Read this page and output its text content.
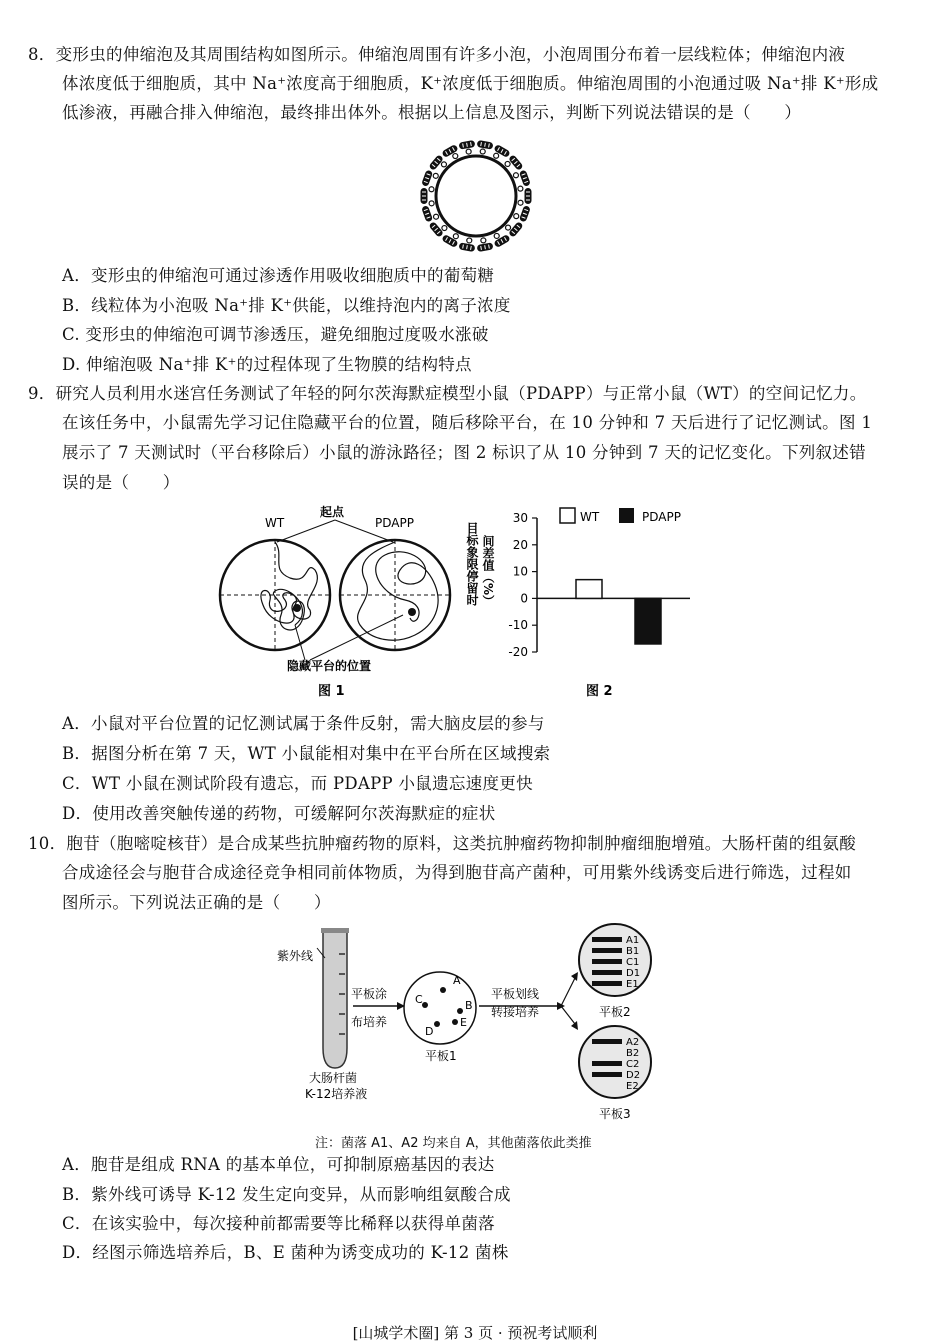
8．变形虫的伸缩泡及其周围结构如图所示。伸缩泡周围有许多小泡，小泡周围分布着一层线粒体；伸缩泡内液
体浓度低于细胞质，其中 Na⁺浓度高于细胞质，K⁺浓度低于细胞质。伸缩泡周围的小泡通过吸 Na⁺排 K⁺形成
低渗液，再融合排入伸缩泡，最终排出体外。根据以上信息及图示，判断下列说法错误的是（　　）
A．变形虫的伸缩泡可通过渗透作用吸收细胞质中的葡萄糖
B．线粒体为小泡吸 Na⁺排 K⁺供能，以维持泡内的离子浓度
C. 变形虫的伸缩泡可调节渗透压，避免细胞过度吸水涨破
D. 伸缩泡吸 Na⁺排 K⁺的过程体现了生物膜的结构特点
9．研究人员利用水迷宫任务测试了年轻的阿尔茨海默症模型小鼠（PDAPP）与正常小鼠（WT）的空间记忆力。
在该任务中，小鼠需先学习记住隐藏平台的位置，随后移除平台，在 10 分钟和 7 天后进行了记忆测试。图 1
展示了 7 天测试时（平台移除后）小鼠的游泳路径；图 2 标识了从 10 分钟到 7 天的记忆变化。下列叙述错
误的是（　　）
WT
起点
PDAPP
隐藏平台的位置
图 1
目标象限停留时 间差值（%）
30
20
10
0
-10
-20
WT	PDAPP
图 2
A．小鼠对平台位置的记忆测试属于条件反射，需大脑皮层的参与
B．据图分析在第 7 天，WT 小鼠能相对集中在平台所在区域搜索
C．WT 小鼠在测试阶段有遗忘，而 PDAPP 小鼠遗忘速度更快
D．使用改善突触传递的药物，可缓解阿尔茨海默症的症状
10．胞苷（胞嘧啶核苷）是合成某些抗肿瘤药物的原料，这类抗肿瘤药物抑制肿瘤细胞增殖。大肠杆菌的组氨酸
合成途径会与胞苷合成途径竞争相同前体物质，为得到胞苷高产菌种，可用紫外线诱变后进行筛选，过程如
图所示。下列说法正确的是（　　）
紫外线
大肠杆菌
K-12培养液
平板涂
布培养
A
B
C
D
E
平板1
平板划线
转接培养
A1
B1
C1
D1
E1
平板2
A2
B2
C2
D2
E2
平板3
注：菌落 A1、A2 均来自 A，其他菌落依此类推
A．胞苷是组成 RNA 的基本单位，可抑制原癌基因的表达
B．紫外线可诱导 K-12 发生定向变异，从而影响组氨酸合成
C．在该实验中，每次接种前都需要等比稀释以获得单菌落
D．经图示筛选培养后，B、E 菌种为诱变成功的 K-12 菌株
[山城学术圈] 第 3 页 · 预祝考试顺利
